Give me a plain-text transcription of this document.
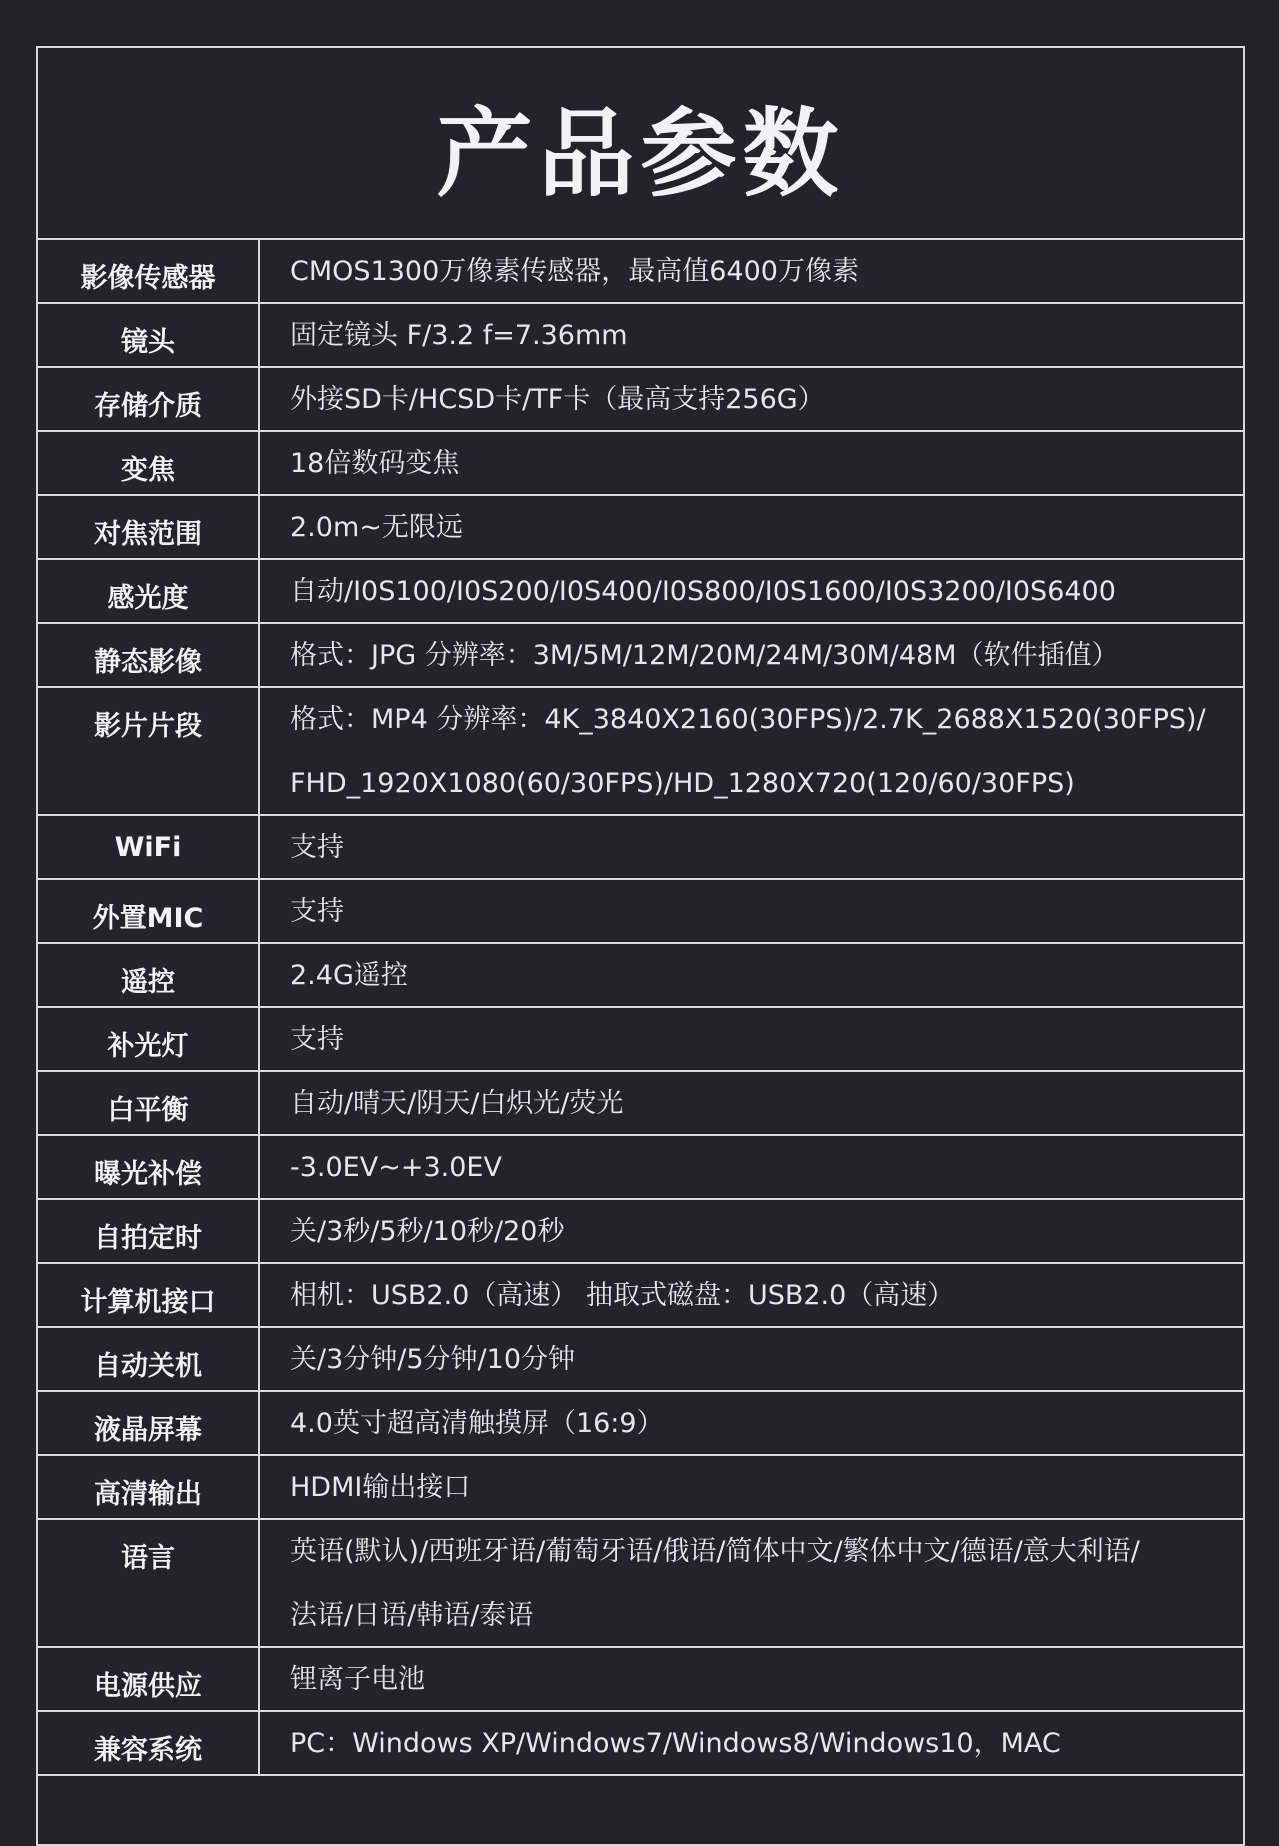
产品参数
影像传感器	CMOS1300万像素传感器，最高值6400万像素
镜头	固定镜头 F/3.2 f=7.36mm
存储介质	外接SD卡/HCSD卡/TF卡（最高支持256G）
变焦	18倍数码变焦
对焦范围	2.0m~无限远
感光度	自动/I0S100/I0S200/I0S400/I0S800/I0S1600/I0S3200/I0S6400
静态影像	格式：JPG 分辨率：3M/5M/12M/20M/24M/30M/48M（软件插值）
影片片段	格式：MP4 分辨率：4K_3840X2160(30FPS)/2.7K_2688X1520(30FPS)/
FHD_1920X1080(60/30FPS)/HD_1280X720(120/60/30FPS)
WiFi	支持
外置MIC	支持
遥控	2.4G遥控
补光灯	支持
白平衡	自动/晴天/阴天/白炽光/荧光
曝光补偿	-3.0EV~+3.0EV
自拍定时	关/3秒/5秒/10秒/20秒
计算机接口	相机：USB2.0（高速） 抽取式磁盘：USB2.0（高速）
自动关机	关/3分钟/5分钟/10分钟
液晶屏幕	4.0英寸超高清触摸屏（16:9）
高清输出	HDMI输出接口
语言	英语(默认)/西班牙语/葡萄牙语/俄语/简体中文/繁体中文/德语/意大利语/
法语/日语/韩语/泰语
电源供应	锂离子电池
兼容系统	PC：Windows XP/Windows7/Windows8/Windows10，MAC
